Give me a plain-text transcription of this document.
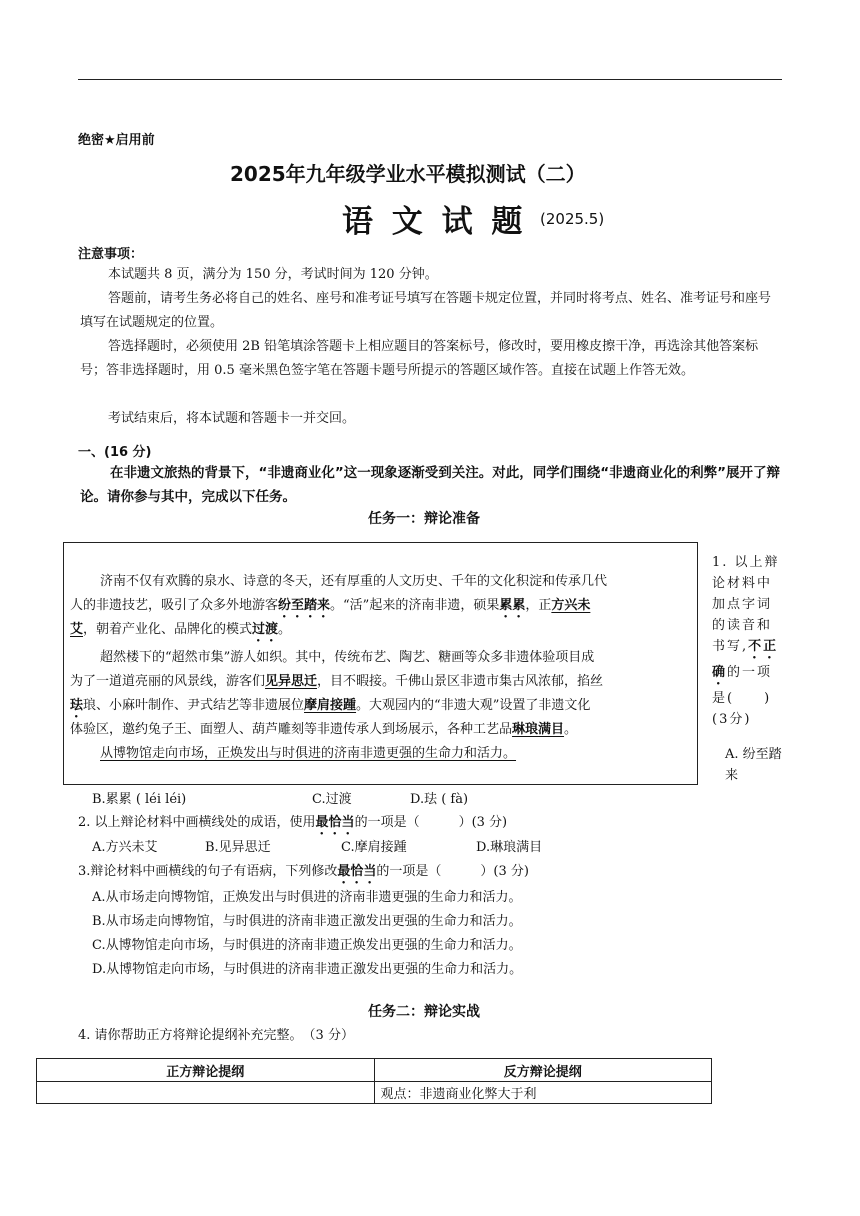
绝密★启用前
2025年九年级学业水平模拟测试（二）
语 文 试 题 (2025.5)
注意事项：
本试题共 8 页，满分为 150 分，考试时间为 120 分钟。
答题前，请考生务必将自己的姓名、座号和准考证号填写在答题卡规定位置，并同时将考点、姓名、准考证号和座号填写在试题规定的位置。
答选择题时，必须使用 2B 铅笔填涂答题卡上相应题目的答案标号，修改时，要用橡皮擦干净，再选涂其他答案标号；答非选择题时，用 0.5 毫米黑色签字笔在答题卡题号所提示的答题区域作答。直接在试题上作答无效。
考试结束后，将本试题和答题卡一并交回。
一、(16 分)
在非遗文旅热的背景下，“非遗商业化”这一现象逐渐受到关注。对此，同学们围绕“非遗商业化的利弊”展开了辩论。请你参与其中，完成以下任务。
任务一：辩论准备
济南不仅有欢腾的泉水、诗意的冬天，还有厚重的人文历史、千年的文化积淀和传承几代
人的非遗技艺，吸引了众多外地游客纷至踏来。“活”起来的济南非遗，硕果累累，正方兴未
艾，朝着产业化、品牌化的模式过渡。
超然楼下的“超然市集”游人如织。其中，传统布艺、陶艺、糖画等众多非遗体验项目成
为了一道道亮丽的风景线，游客们见异思迁，目不暇接。千佛山景区非遗市集古风浓郁，掐丝
珐琅、小麻叶制作、尹式结艺等非遗展位摩肩接踵。大观园内的“非遗大观”设置了非遗文化
体验区，邀约兔子王、面塑人、葫芦雕刻等非遗传承人到场展示，各种工艺品琳琅满目。
从博物馆走向市场，正焕发出与时俱进的济南非遗更强的生命力和活力。
1. 以上辩论材料中加点字词的读音和书写,不正确的一项是(　　)(3分)
A. 纷至踏来
B.累累 ( léi léi)	C.过渡	D.珐 ( fà)
2. 以上辩论材料中画横线处的成语，使用最恰当的一项是（　　　）(3 分)
A.方兴未艾	B.见异思迁	C.摩肩接踵	D.琳琅满目
3.辩论材料中画横线的句子有语病，下列修改最恰当的一项是（　　　）(3 分)
A.从市场走向博物馆，正焕发出与时俱进的济南非遗更强的生命力和活力。
B.从市场走向博物馆，与时俱进的济南非遗正激发出更强的生命力和活力。
C.从博物馆走向市场，与时俱进的济南非遗正焕发出更强的生命力和活力。
D.从博物馆走向市场，与时俱进的济南非遗正激发出更强的生命力和活力。
任务二：辩论实战
4. 请你帮助正方将辩论提纲补充完整。　（3 分）
正方辩论提纲	反方辩论提纲
	观点：非遗商业化弊大于利
